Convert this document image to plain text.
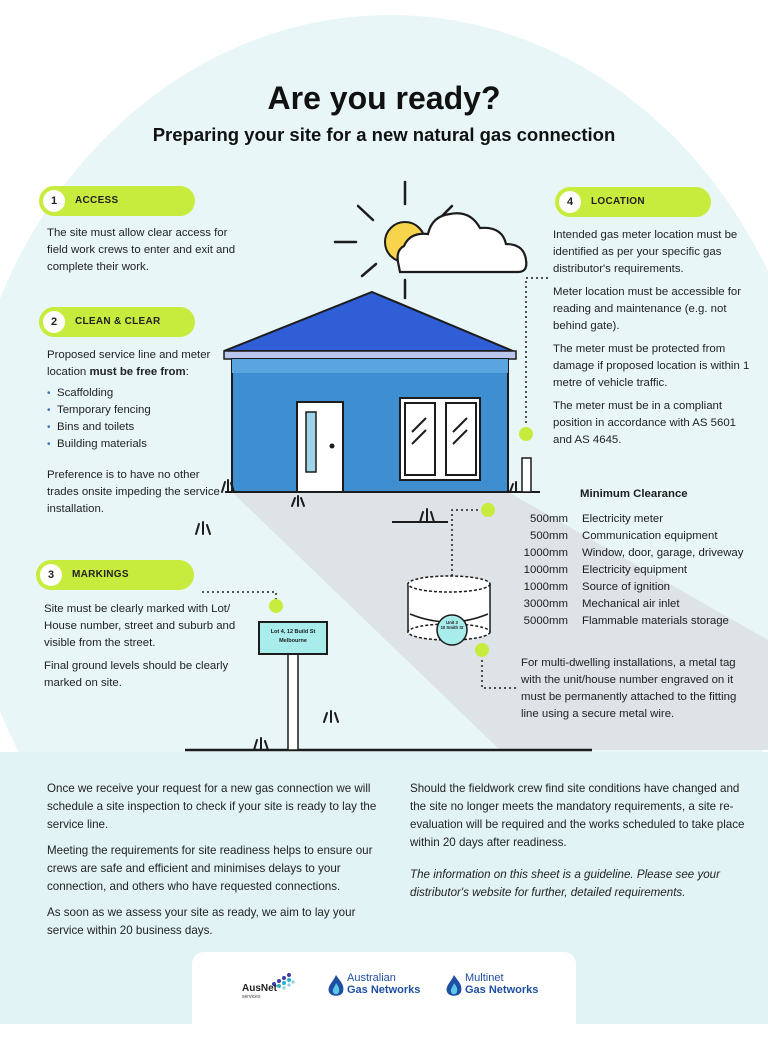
Are you ready?
Preparing your site for a new natural gas connection
Lot 4, 12 Build St
Melbourne
Unit 3
10 Smith St
1	ACCESS
The site must allow clear access for field work crews to enter and exit and complete their work.
2	CLEAN & CLEAR
Proposed service line and meter location must be free from:
• Scaffolding
• Temporary fencing
• Bins and toilets
• Building materials
Preference is to have no other trades onsite impeding the service installation.
3	MARKINGS

Site must be clearly marked with Lot/ House number, street and suburb and visible from the street.

Final ground levels should be clearly marked on site.

4	LOCATION

Intended gas meter location must be identified as per your specific gas distributor's requirements.

Meter location must be accessible for reading and maintenance (e.g. not behind gate).

The meter must be protected from damage if proposed location is within 1 metre of vehicle traffic.

The meter must be in a compliant position in accordance with AS 5601 and AS 4645.

Minimum Clearance
500mm Electricity meter
500mm Communication equipment
1000mm Window, door, garage, driveway
1000mm Electricity equipment
1000mm Source of ignition
3000mm Mechanical air inlet
5000mm Flammable materials storage
For multi-dwelling installations, a metal tag with the unit/house number engraved on it must be permanently attached to the fitting line using a secure metal wire.

Once we receive your request for a new gas connection we will schedule a site inspection to check if your site is ready to lay the service line.

Meeting the requirements for site readiness helps to ensure our crews are safe and efficient and minimises delays to your connection, and others who have requested connections.

As soon as we assess your site as ready, we aim to lay your service within 20 business days.

Should the fieldwork crew find site conditions have changed and the site no longer meets the mandatory requirements, a site re-evaluation will be required and the works scheduled to take place within 20 days after readiness.

The information on this sheet is a guideline. Please see your distributor's website for further, detailed requirements.

AusNet
services
Australian
Gas Networks
Multinet
Gas Networks
